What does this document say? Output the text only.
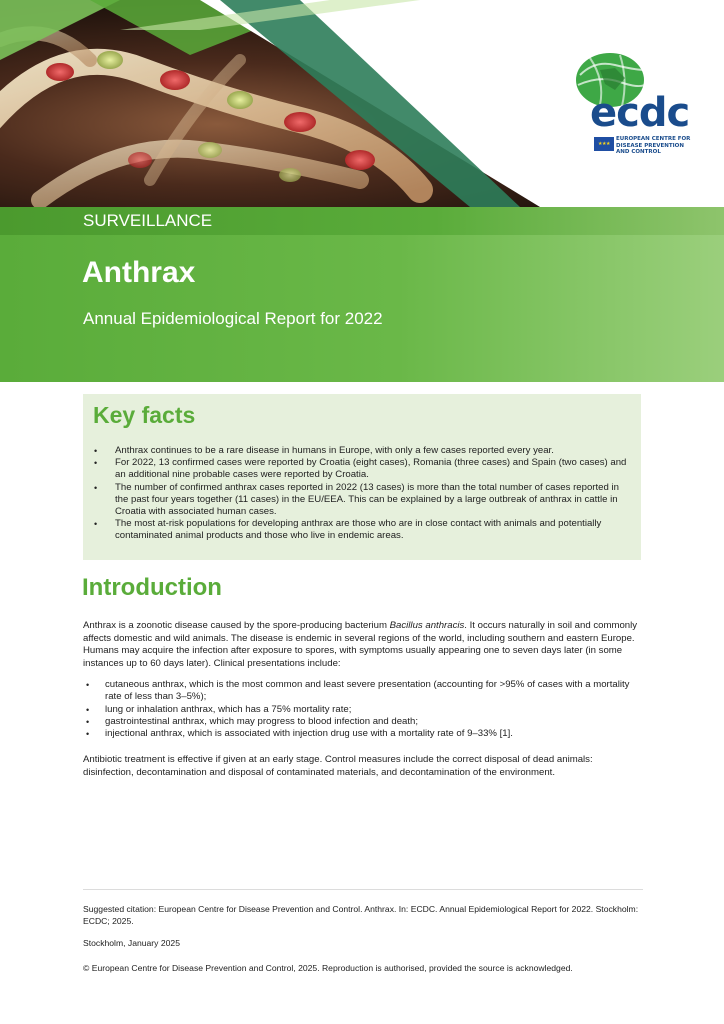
ecdc
★★★
EUROPEAN CENTRE FOR
DISEASE PREVENTION
AND CONTROL
SURVEILLANCE
Anthrax
Annual Epidemiological Report for 2022
Key facts
• Anthrax continues to be a rare disease in humans in Europe, with only a few cases reported every year.
• For 2022, 13 confirmed cases were reported by Croatia (eight cases), Romania (three cases) and Spain (two cases) and an additional nine probable cases were reported by Croatia.
• The number of confirmed anthrax cases reported in 2022 (13 cases) is more than the total number of cases reported in the past four years together (11 cases) in the EU/EEA. This can be explained by a large outbreak of anthrax in cattle in Croatia with associated human cases.
• The most at-risk populations for developing anthrax are those who are in close contact with animals and potentially contaminated animal products and those who live in endemic areas.
Introduction

Anthrax is a zoonotic disease caused by the spore-producing bacterium Bacillus anthracis. It occurs naturally in soil and commonly affects domestic and wild animals. The disease is endemic in several regions of the world, including southern and eastern Europe. Humans may acquire the infection after exposure to spores, with symptoms usually appearing one to seven days later (in some instances up to 60 days later). Clinical presentations include:

• cutaneous anthrax, which is the most common and least severe presentation (accounting for >95% of cases with a mortality rate of less than 3–5%);
• lung or inhalation anthrax, which has a 75% mortality rate;
• gastrointestinal anthrax, which may progress to blood infection and death;
• injectional anthrax, which is associated with injection drug use with a mortality rate of 9–33% [1].

Antibiotic treatment is effective if given at an early stage. Control measures include the correct disposal of dead animals: disinfection, decontamination and disposal of contaminated materials, and decontamination of the environment.

Suggested citation: European Centre for Disease Prevention and Control. Anthrax. In: ECDC. Annual Epidemiological Report for 2022. Stockholm: ECDC; 2025.

Stockholm, January 2025

© European Centre for Disease Prevention and Control, 2025. Reproduction is authorised, provided the source is acknowledged.
